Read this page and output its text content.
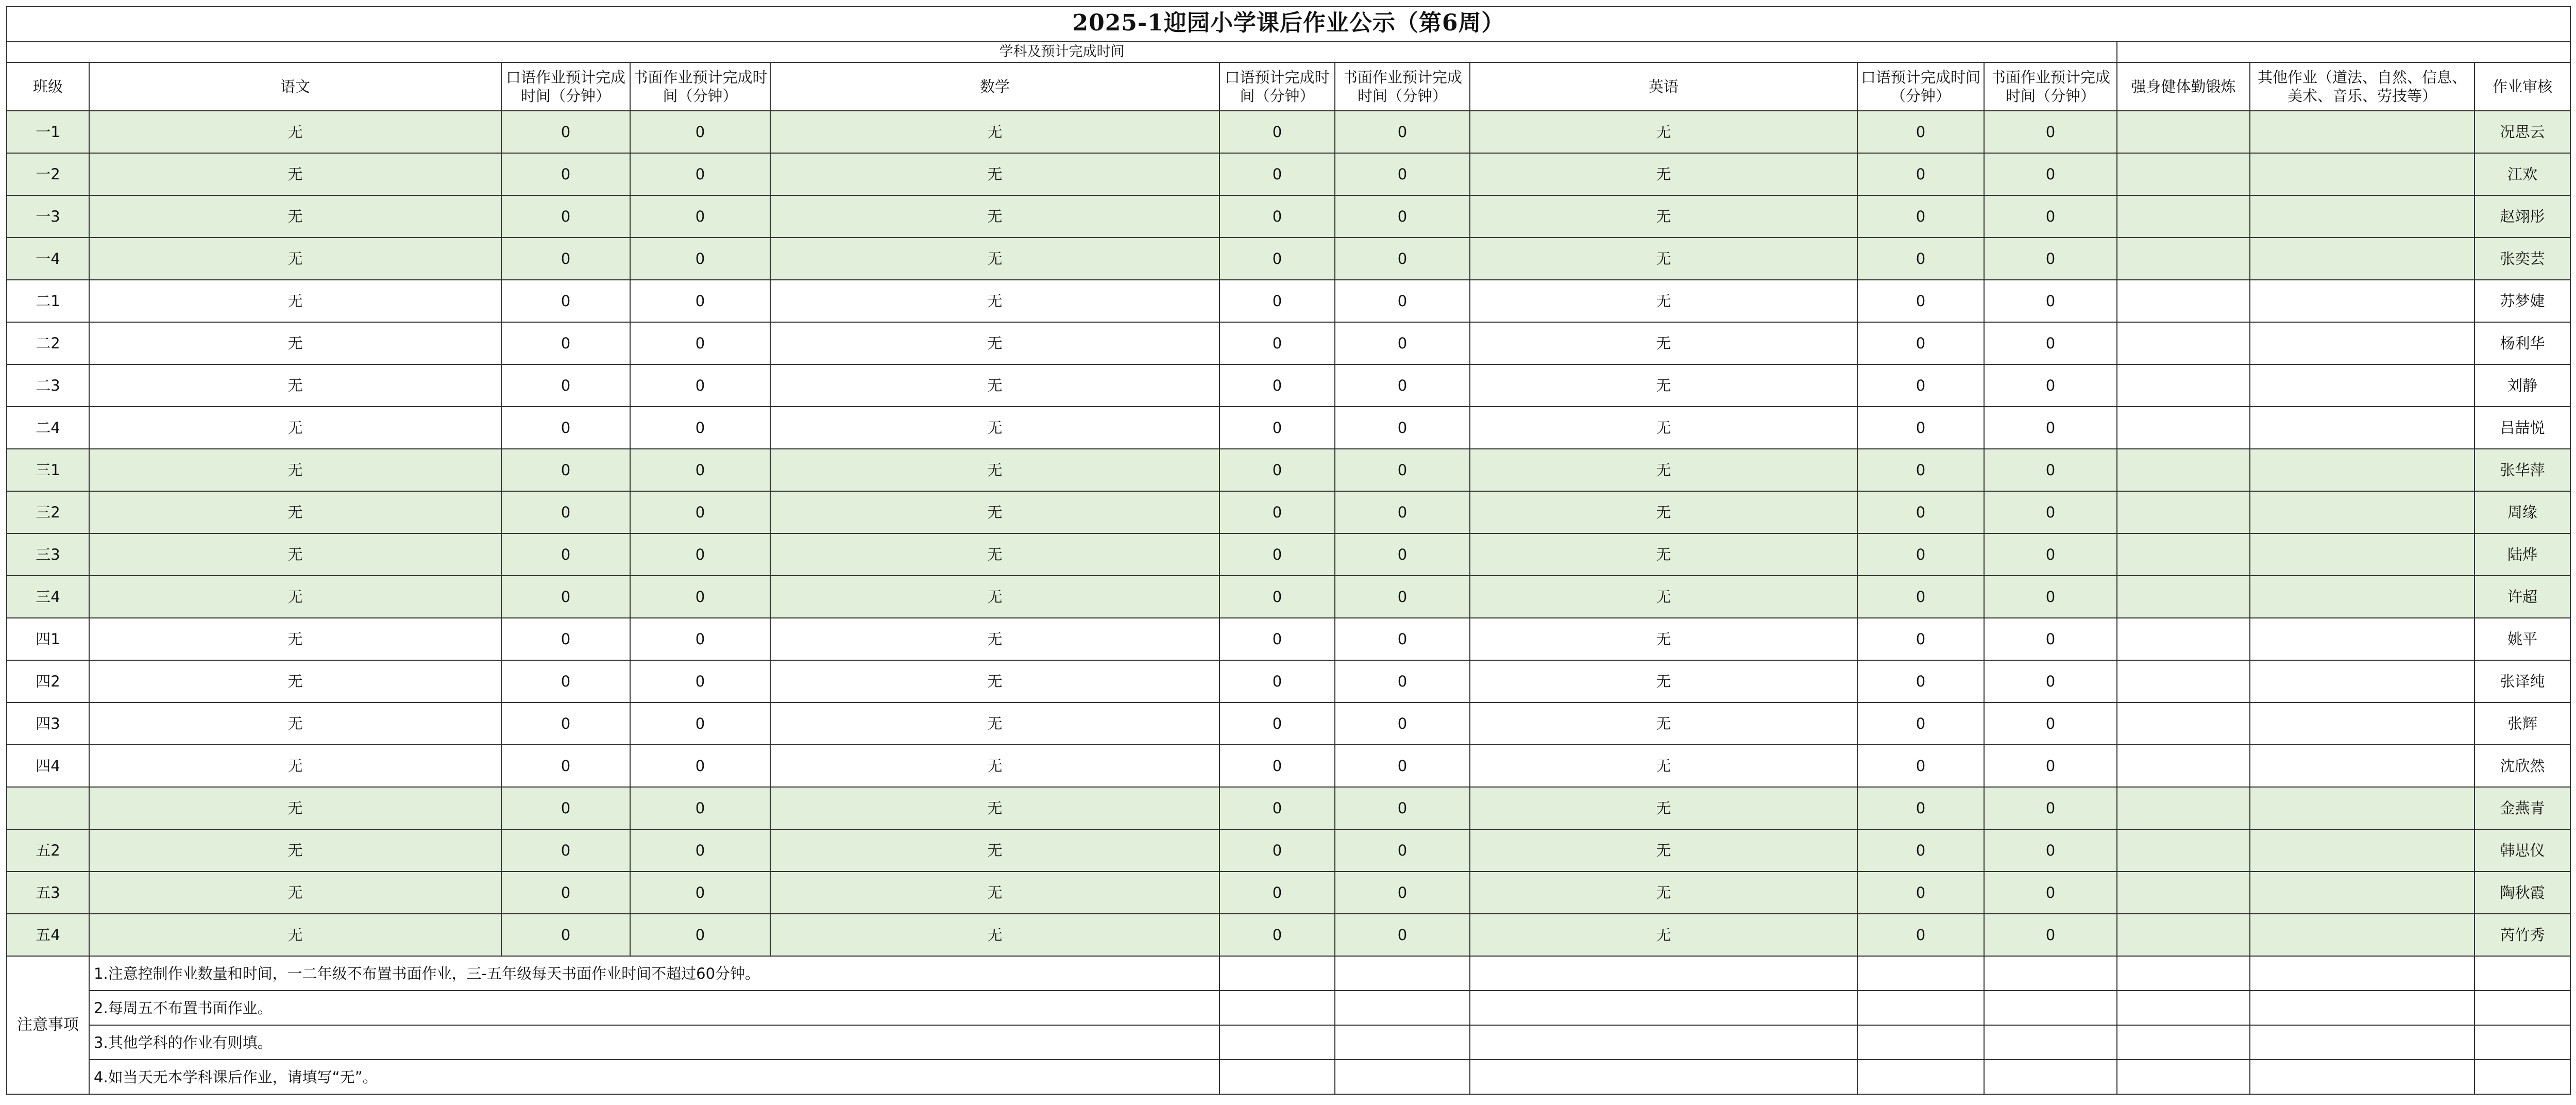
2025-1迎园小学课后作业公示（第6周）												
学科及预计完成时间												
班级	语文	口语作业预计完成时间（分钟）	书面作业预计完成时间（分钟）	数学	口语预计完成时间（分钟）	书面作业预计完成时间（分钟）	英语	口语预计完成时间（分钟）	书面作业预计完成时间（分钟）	强身健体勤锻炼	其他作业（道法、自然、信息、美术、音乐、劳技等）	作业审核
一1	无	0	0	无	0	0	无	0	0			况思云
一2	无	0	0	无	0	0	无	0	0			江欢
一3	无	0	0	无	0	0	无	0	0			赵翊彤
一4	无	0	0	无	0	0	无	0	0			张奕芸
二1	无	0	0	无	0	0	无	0	0			苏梦婕
二2	无	0	0	无	0	0	无	0	0			杨利华
二3	无	0	0	无	0	0	无	0	0			刘静
二4	无	0	0	无	0	0	无	0	0			吕喆悦
三1	无	0	0	无	0	0	无	0	0			张华萍
三2	无	0	0	无	0	0	无	0	0			周缘
三3	无	0	0	无	0	0	无	0	0			陆烨
三4	无	0	0	无	0	0	无	0	0			许超
四1	无	0	0	无	0	0	无	0	0			姚平
四2	无	0	0	无	0	0	无	0	0			张译纯
四3	无	0	0	无	0	0	无	0	0			张辉
四4	无	0	0	无	0	0	无	0	0			沈欣然
	无	0	0	无	0	0	无	0	0			金燕青
五2	无	0	0	无	0	0	无	0	0			韩思仪
五3	无	0	0	无	0	0	无	0	0			陶秋霞
五4	无	0	0	无	0	0	无	0	0			芮竹秀
注意事项	1.注意控制作业数量和时间，一二年级不布置书面作业，三-五年级每天书面作业时间不超过60分钟。											
	2.每周五不布置书面作业。											
	3.其他学科的作业有则填。											
	4.如当天无本学科课后作业，请填写“无”。											
